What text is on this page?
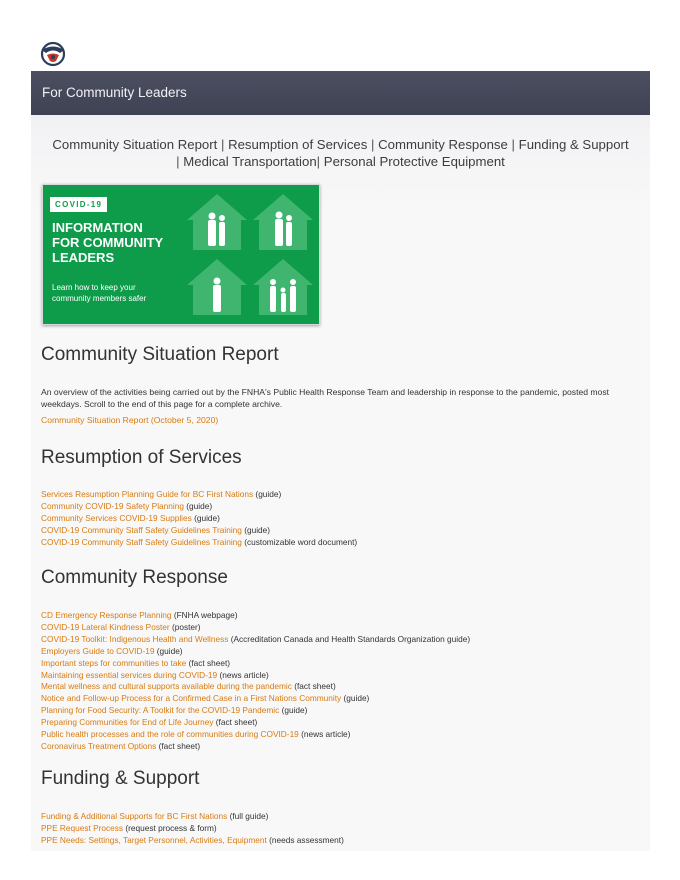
For Community Leaders
Community Situation Report | Resumption of Services | Community Response | Funding & Support
| Medical Transportation| Personal Protective Equipment
COVID-19
INFORMATION
FOR COMMUNITY
LEADERS
Learn how to keep your
community members safer
Community Situation Report
An overview of the activities being carried out by the FNHA's Public Health Response Team and leadership in response to the pandemic, posted most weekdays. Scroll to the end of this page for a complete archive.
Community Situation Report (October 5, 2020)
Resumption of Services
Services Resumption Planning Guide for BC First Nations (guide)
Community COVID-19 Safety Planning (guide)
Community Services COVID-19 Supplies (guide)
COVID-19 Community Staff Safety Guidelines Training (guide)
COVID-19 Community Staff Safety Guidelines Training (customizable word document)
Community Response
CD Emergency Response Planning (FNHA webpage)
COVID-19 Lateral Kindness Poster (poster)
COVID-19 Toolkit: Indigenous Health and Wellness (Accreditation Canada and Health Standards Organization guide)
Employers Guide to COVID-19 (guide)
Important steps for communities to take (fact sheet)
Maintaining essential services during COVID-19 (news article)
Mental wellness and cultural supports available during the pandemic (fact sheet)
Notice and Follow-up Process for a Confirmed Case in a First Nations Community (guide)
Planning for Food Security: A Toolkit for the COVID-19 Pandemic (guide)
Preparing Communities for End of Life Journey (fact sheet)
Public health processes and the role of communities during COVID-19 (news article)
Coronavirus Treatment Options (fact sheet)
Funding & Support
Funding & Additional Supports for BC First Nations (full guide)
PPE Request Process (request process & form)
PPE Needs: Settings, Target Personnel, Activities, Equipment (needs assessment)
